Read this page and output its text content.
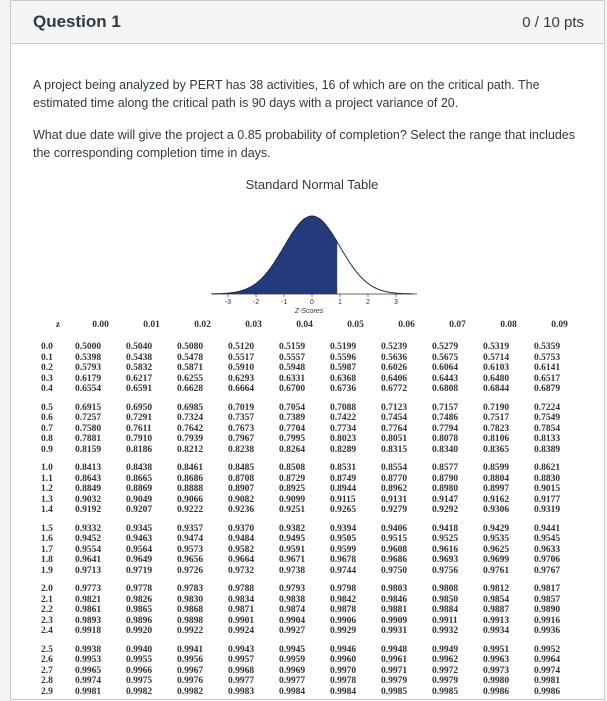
Question 1	0 / 10 pts

A project being analyzed by PERT has 38 activities, 16 of which are on the critical path. The estimated time along the critical path is 90 days with a project variance of 20.

What due date will give the project a 0.85 probability of completion? Select the range that includes the corresponding completion time in days.

Standard Normal Table
-3	-2	-1	0	1	2	3
Z-Scores
z	0.00	0.01	0.02	0.03	0.04	0.05	0.06	0.07	0.08	0.09
0.0	0.5000	0.5040	0.5080	0.5120	0.5159	0.5199	0.5239	0.5279	0.5319	0.5359
0.1	0.5398	0.5438	0.5478	0.5517	0.5557	0.5596	0.5636	0.5675	0.5714	0.5753
0.2	0.5793	0.5832	0.5871	0.5910	0.5948	0.5987	0.6026	0.6064	0.6103	0.6141
0.3	0.6179	0.6217	0.6255	0.6293	0.6331	0.6368	0.6406	0.6443	0.6480	0.6517
0.4	0.6554	0.6591	0.6628	0.6664	0.6700	0.6736	0.6772	0.6808	0.6844	0.6879
0.5	0.6915	0.6950	0.6985	0.7019	0.7054	0.7088	0.7123	0.7157	0.7190	0.7224
0.6	0.7257	0.7291	0.7324	0.7357	0.7389	0.7422	0.7454	0.7486	0.7517	0.7549
0.7	0.7580	0.7611	0.7642	0.7673	0.7704	0.7734	0.7764	0.7794	0.7823	0.7854
0.8	0.7881	0.7910	0.7939	0.7967	0.7995	0.8023	0.8051	0.8078	0.8106	0.8133
0.9	0.8159	0.8186	0.8212	0.8238	0.8264	0.8289	0.8315	0.8340	0.8365	0.8389
1.0	0.8413	0.8438	0.8461	0.8485	0.8508	0.8531	0.8554	0.8577	0.8599	0.8621
1.1	0.8643	0.8665	0.8686	0.8708	0.8729	0.8749	0.8770	0.8790	0.8804	0.8830
1.2	0.8849	0.8869	0.8888	0.8907	0.8925	0.8944	0.8962	0.8980	0.8997	0.9015
1.3	0.9032	0.9049	0.9066	0.9082	0.9099	0.9115	0.9131	0.9147	0.9162	0.9177
1.4	0.9192	0.9207	0.9222	0.9236	0.9251	0.9265	0.9279	0.9292	0.9306	0.9319
1.5	0.9332	0.9345	0.9357	0.9370	0.9382	0.9394	0.9406	0.9418	0.9429	0.9441
1.6	0.9452	0.9463	0.9474	0.9484	0.9495	0.9505	0.9515	0.9525	0.9535	0.9545
1.7	0.9554	0.9564	0.9573	0.9582	0.9591	0.9599	0.9608	0.9616	0.9625	0.9633
1.8	0.9641	0.9649	0.9656	0.9664	0.9671	0.9678	0.9686	0.9693	0.9699	0.9706
1.9	0.9713	0.9719	0.9726	0.9732	0.9738	0.9744	0.9750	0.9756	0.9761	0.9767
2.0	0.9773	0.9778	0.9783	0.9788	0.9793	0.9798	0.9803	0.9808	0.9812	0.9817
2.1	0.9821	0.9826	0.9830	0.9834	0.9838	0.9842	0.9846	0.9850	0.9854	0.9857
2.2	0.9861	0.9865	0.9868	0.9871	0.9874	0.9878	0.9881	0.9884	0.9887	0.9890
2.3	0.9893	0.9896	0.9898	0.9901	0.9904	0.9906	0.9909	0.9911	0.9913	0.9916
2.4	0.9918	0.9920	0.9922	0.9924	0.9927	0.9929	0.9931	0.9932	0.9934	0.9936
2.5	0.9938	0.9940	0.9941	0.9943	0.9945	0.9946	0.9948	0.9949	0.9951	0.9952
2.6	0.9953	0.9955	0.9956	0.9957	0.9959	0.9960	0.9961	0.9962	0.9963	0.9964
2.7	0.9965	0.9966	0.9967	0.9968	0.9969	0.9970	0.9971	0.9972	0.9973	0.9974
2.8	0.9974	0.9975	0.9976	0.9977	0.9977	0.9978	0.9979	0.9979	0.9980	0.9981
2.9	0.9981	0.9982	0.9982	0.9983	0.9984	0.9984	0.9985	0.9985	0.9986	0.9986
